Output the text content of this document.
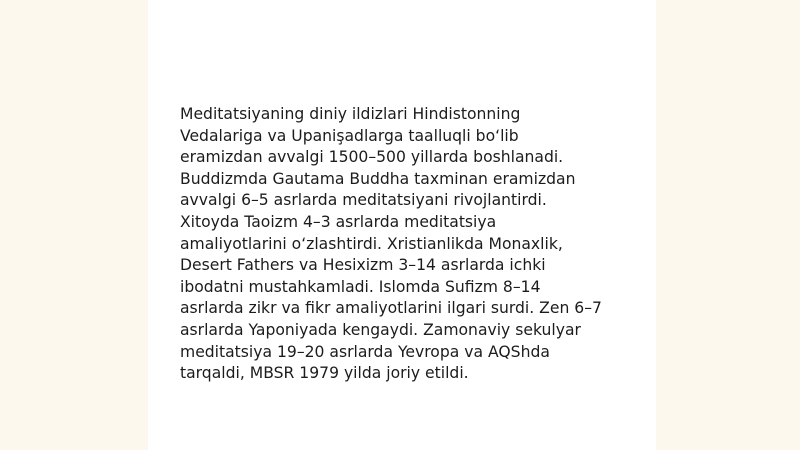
Meditatsiyaning diniy ildizlari Hindistonning
Vedalariga va Upanişadlarga taalluqli bo‘lib
eramizdan avvalgi 1500–500 yillarda boshlanadi.
Buddizmda Gautama Buddha taxminan eramizdan
avvalgi 6–5 asrlarda meditatsiyani rivojlantirdi.
Xitoyda Taoizm 4–3 asrlarda meditatsiya
amaliyotlarini o‘zlashtirdi. Xristianlikda Monaxlik,
Desert Fathers va Hesixizm 3–14 asrlarda ichki
ibodatni mustahkamladi. Islomda Sufizm 8–14
asrlarda zikr va fikr amaliyotlarini ilgari surdi. Zen 6–7
asrlarda Yaponiyada kengaydi. Zamonaviy sekulyar
meditatsiya 19–20 asrlarda Yevropa va AQShda
tarqaldi, MBSR 1979 yilda joriy etildi.
